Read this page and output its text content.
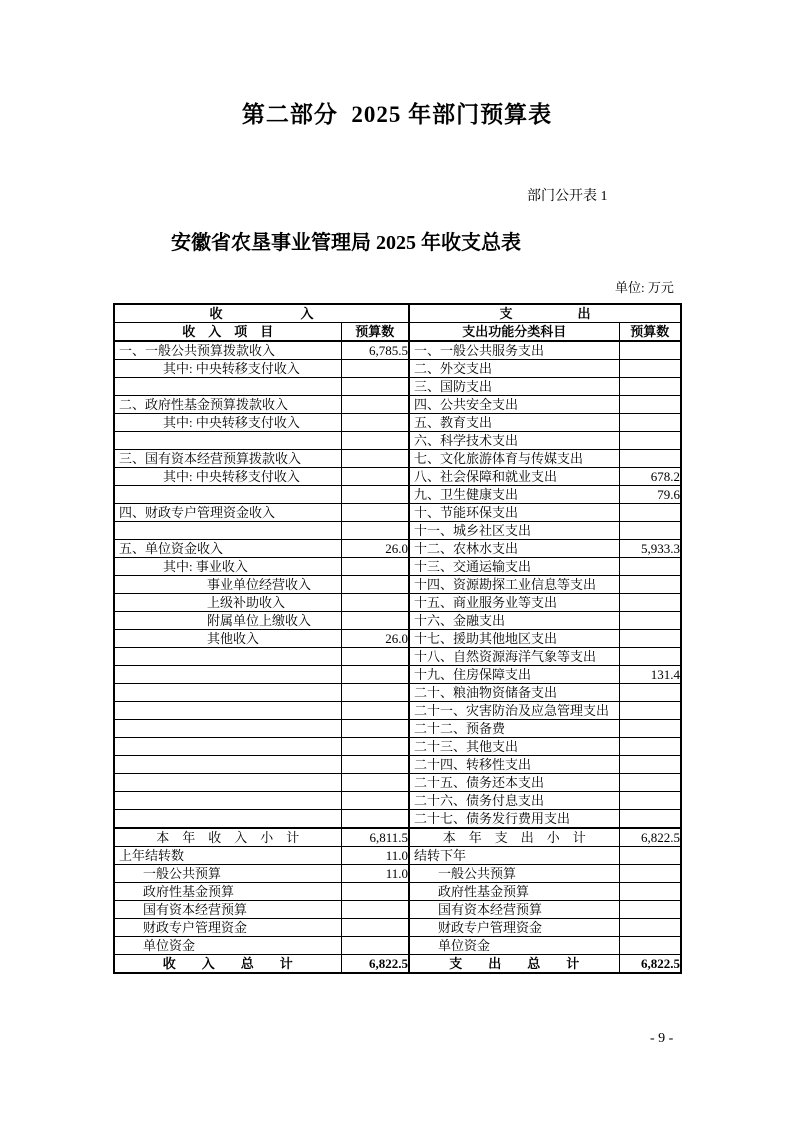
第二部分  2025 年部门预算表
部门公开表 1
安徽省农垦事业管理局 2025 年收支总表
单位: 万元
收　　　　　　入		支　　　　　出	
收　入　项　目	预算数	支出功能分类科目	预算数
一、一般公共预算拨款收入	6,785.5	一、一般公共服务支出	
其中: 中央转移支付收入		二、外交支出	
		三、国防支出	
二、政府性基金预算拨款收入		四、公共安全支出	
其中: 中央转移支付收入		五、教育支出	
		六、科学技术支出	
三、国有资本经营预算拨款收入		七、文化旅游体育与传媒支出	
其中: 中央转移支付收入		八、社会保障和就业支出	678.2
		九、卫生健康支出	79.6
四、财政专户管理资金收入		十、节能环保支出	
		十一、城乡社区支出	
五、单位资金收入	26.0	十二、农林水支出	5,933.3
其中: 事业收入		十三、交通运输支出	
事业单位经营收入		十四、资源勘探工业信息等支出	
上级补助收入		十五、商业服务业等支出	
附属单位上缴收入		十六、金融支出	
其他收入	26.0	十七、援助其他地区支出	
		十八、自然资源海洋气象等支出	
		十九、住房保障支出	131.4
		二十、粮油物资储备支出	
		二十一、灾害防治及应急管理支出	
		二十二、预备费	
		二十三、其他支出	
		二十四、转移性支出	
		二十五、债务还本支出	
		二十六、债务付息支出	
		二十七、债务发行费用支出	
本　年　收　入　小　计	6,811.5	本　年　支　出　小　计	6,822.5
上年结转数	11.0	结转下年	
一般公共预算	11.0	一般公共预算	
政府性基金预算		政府性基金预算	
国有资本经营预算		国有资本经营预算	
财政专户管理资金		财政专户管理资金	
单位资金		单位资金	
收　　入　　总　　计	6,822.5	支　　出　　总　　计	6,822.5
- 9 -
